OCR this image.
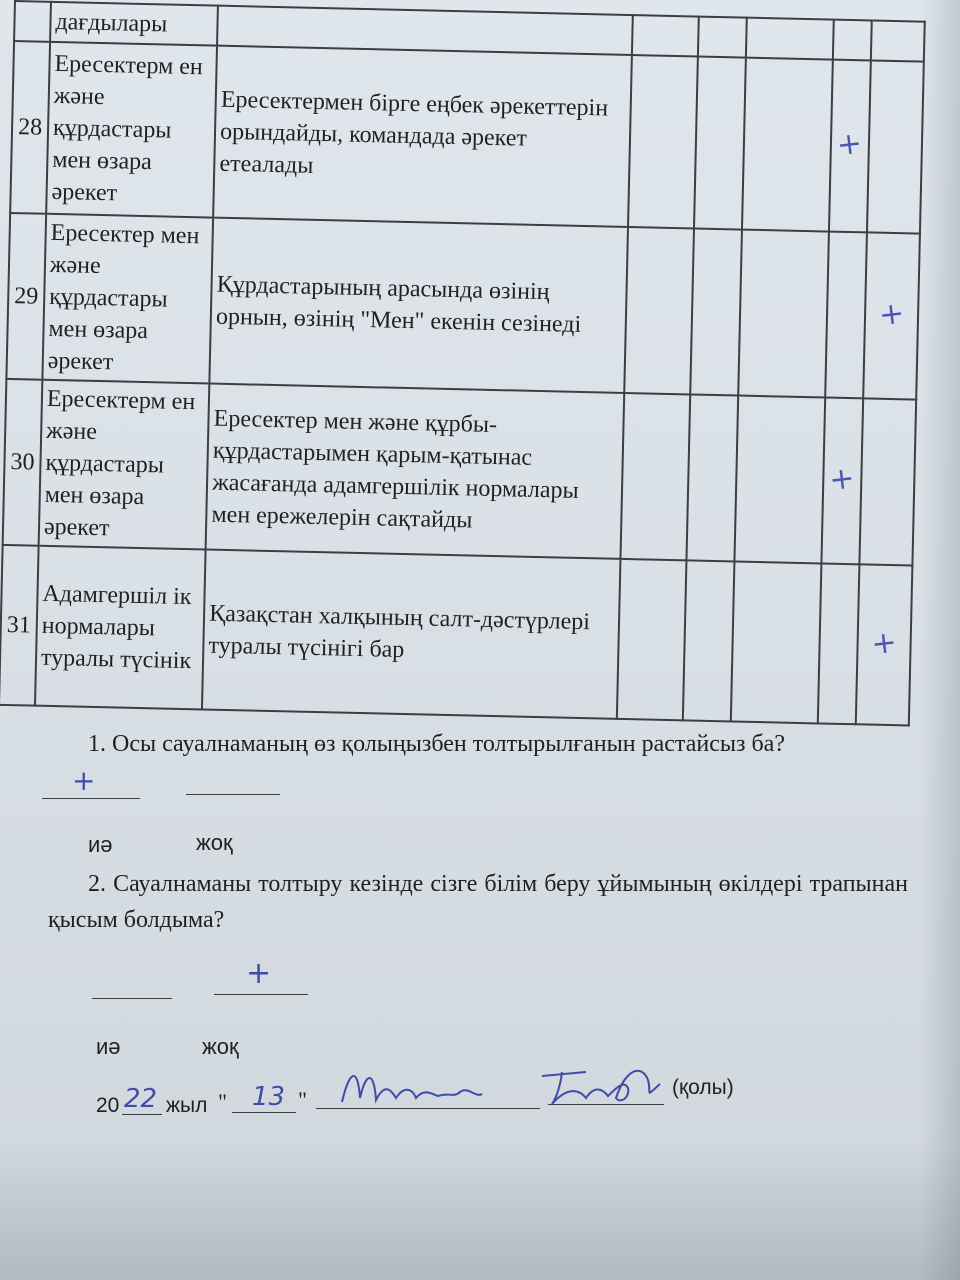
	дағдылары						
28	Ересектерм ен және құрдастары мен өзара әрекет	Ересектермен бірге еңбек әрекеттерін орындайды, командада әрекет етеалады				+	
29	Ересектер мен және құрдастары мен өзара әрекет	Құрдастарының арасында өзінің орнын, өзінің "Мен" екенін сезінеді					+
30	Ересектерм ен және құрдастары мен өзара әрекет	Ересектер мен және құрбы-құрдастарымен қарым-қатынас жасағанда адамгершілік нормалары мен ережелерін сақтайды				+	
31	Адамгершіл ік нормалары туралы түсінік	Қазақстан халқының салт-дәстүрлері туралы түсінігі бар					+
1. Осы сауалнаманың өз қолыңызбен толтырылғанын растайсыз ба?
+
иә	жоқ
2. Сауалнаманы толтыру кезінде сізге білім беру ұйымының өкілдері трапынан қысым болдыма?
+
иә	жоқ
20 22 жыл " 13 "	(қолы)
